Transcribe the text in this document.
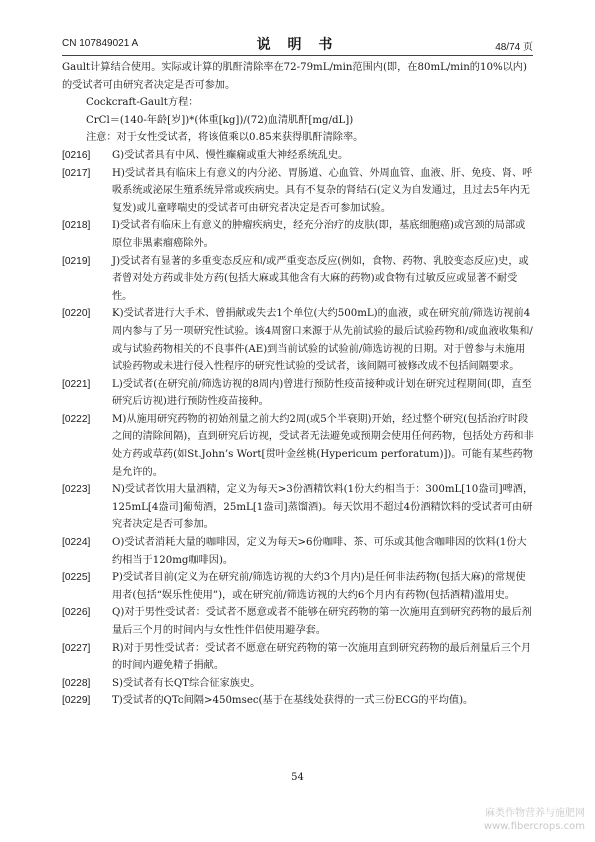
CN 107849021 A	说 明 书	48/74 页

Gault计算结合使用。实际或计算的肌酐清除率在72-79mL/min范围内(即，在80mL/min的10%以内)的受试者可由研究者决定是否可参加。

Cockcraft-Gault方程：

CrCl＝(140-年龄[岁])*(体重[kg])/(72)血清肌酐[mg/dL])

注意：对于女性受试者，将该值乘以0.85来获得肌酐清除率。

[0216]	G)受试者具有中风、慢性癫痫或重大神经系统乱史。
[0217]	H)受试者具有临床上有意义的内分泌、胃肠道、心血管、外周血管、血液、肝、免疫、肾、呼吸系统或泌尿生殖系统异常或疾病史。具有不复杂的肾结石(定义为自发通过，且过去5年内无复发)或儿童哮喘史的受试者可由研究者决定是否可参加试验。
[0218]	I)受试者有临床上有意义的肿瘤疾病史，经充分治疗的皮肤(即，基底细胞癌)或宫颈的局部或原位非黑素瘤癌除外。
[0219]	J)受试者有显著的多重变态反应和/或严重变态反应(例如，食物、药物、乳胶变态反应)史，或者曾对处方药或非处方药(包括大麻或其他含有大麻的药物)或食物有过敏反应或显著不耐受性。
[0220]	K)受试者进行大手术、曾捐献或失去1个单位(大约500mL)的血液，或在研究前/筛选访视前4周内参与了另一项研究性试验。该4周窗口来源于从先前试验的最后试验药物和/或血液收集和/或与试验药物相关的不良事件(AE)到当前试验的试验前/筛选访视的日期。对于曾参与未施用试验药物或未进行侵入性程序的研究性试验的受试者，该间隔可被修改成不包括间隔要求。
[0221]	L)受试者(在研究前/筛选访视的8周内)曾进行预防性疫苗接种或计划在研究过程期间(即，直至研究后访视)进行预防性疫苗接种。
[0222]	M)从施用研究药物的初始剂量之前大约2周(或5个半衰期)开始，经过整个研究(包括治疗时段之间的清除间隔)，直到研究后访视，受试者无法避免或预期会使用任何药物，包括处方药和非处方药或草药(如St.John’s Wort[贯叶金丝桃(Hypericum perforatum)])。可能有某些药物是允许的。
[0223]	N)受试者饮用大量酒精，定义为每天>3份酒精饮料(1份大约相当于：300mL[10盎司]啤酒，125mL[4盎司]葡萄酒，25mL[1盎司]蒸馏酒)。每天饮用不超过4份酒精饮料的受试者可由研究者决定是否可参加。
[0224]	O)受试者消耗大量的咖啡因，定义为每天>6份咖啡、茶、可乐或其他含咖啡因的饮料(1份大约相当于120mg咖啡因)。
[0225]	P)受试者目前(定义为在研究前/筛选访视的大约3个月内)是任何非法药物(包括大麻)的常规使用者(包括“娱乐性使用”)，或在研究前/筛选访视的大约6个月内有药物(包括酒精)滥用史。
[0226]	Q)对于男性受试者：受试者不愿意或者不能够在研究药物的第一次施用直到研究药物的最后剂量后三个月的时间内与女性性伴侣使用避孕套。
[0227]	R)对于男性受试者：受试者不愿意在研究药物的第一次施用直到研究药物的最后剂量后三个月的时间内避免精子捐献。
[0228]	S)受试者有长QT综合征家族史。
[0229]	T)受试者的QTc间隔>450msec(基于在基线处获得的一式三份ECG的平均值)。
54
麻类作物营养与施肥网
www.fibercrops.com
